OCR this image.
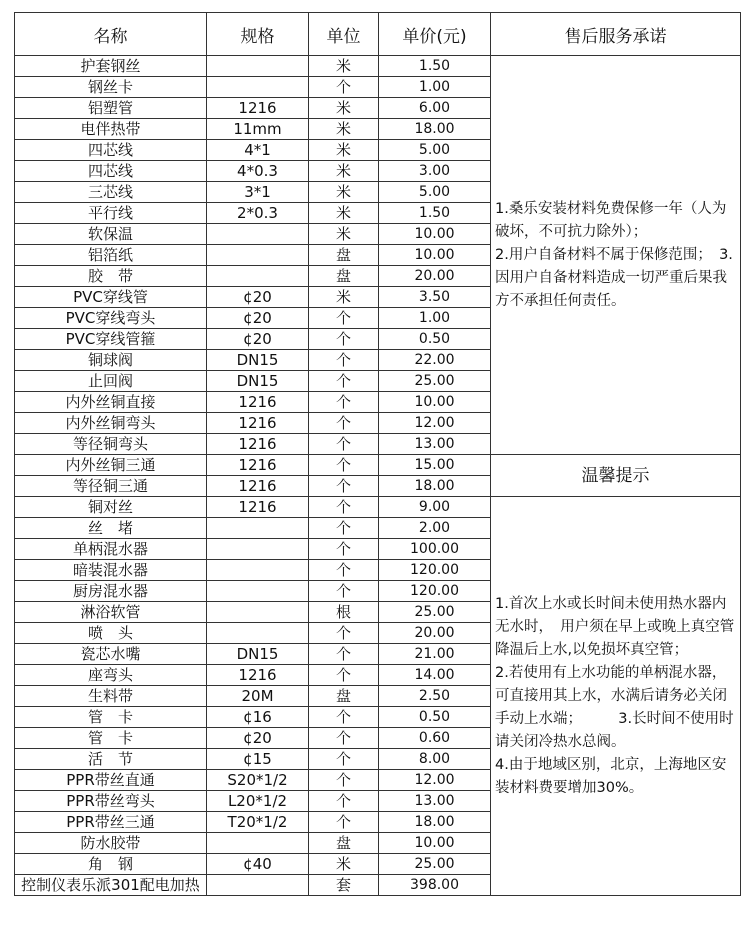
名称	规格	单位	单价(元)	售后服务承诺
护套钢丝		米	1.50	1.桑乐安装材料免费保修一年（人为破坏，不可抗力除外）；
2.用户自备材料不属于保修范围；　3.因用户自备材料造成一切严重后果我方不承担任何责任。

钢丝卡		个	1.00	
铝塑管	1216	米	6.00	
电伴热带	11mm	米	18.00	
四芯线	4*1	米	5.00	
四芯线	4*0.3	米	3.00	
三芯线	3*1	米	5.00	
平行线	2*0.3	米	1.50	
软保温		米	10.00	
铝箔纸		盘	10.00	
胶　带		盘	20.00	
PVC穿线管	¢20	米	3.50	
PVC穿线弯头	¢20	个	1.00	
PVC穿线管箍	¢20	个	0.50	
铜球阀	DN15	个	22.00	
止回阀	DN15	个	25.00	
内外丝铜直接	1216	个	10.00	
内外丝铜弯头	1216	个	12.00	
等径铜弯头	1216	个	13.00	
内外丝铜三通	1216	个	15.00	温馨提示
等径铜三通	1216	个	18.00	
铜对丝	1216	个	9.00	1.首次上水或长时间未使用热水器内无水时，　用户须在早上或晚上真空管降温后上水,以免损坏真空管；
2.若使用有上水功能的单柄混水器，可直接用其上水，水满后请务必关闭手动上水端；　　　3.长时间不使用时请关闭冷热水总阀。
4.由于地域区别，北京，上海地区安装材料费要增加30%。

丝　堵		个	2.00	
单柄混水器		个	100.00	
暗装混水器		个	120.00	
厨房混水器		个	120.00	
淋浴软管		根	25.00	
喷　头		个	20.00	
瓷芯水嘴	DN15	个	21.00	
座弯头	1216	个	14.00	
生料带	20M	盘	2.50	
管　卡	¢16	个	0.50	
管　卡	¢20	个	0.60	
活　节	¢15	个	8.00	
PPR带丝直通	S20*1/2	个	12.00	
PPR带丝弯头	L20*1/2	个	13.00	
PPR带丝三通	T20*1/2	个	18.00	
防水胶带		盘	10.00	
角　钢	¢40	米	25.00	
控制仪表乐派301配电加热		套	398.00	
